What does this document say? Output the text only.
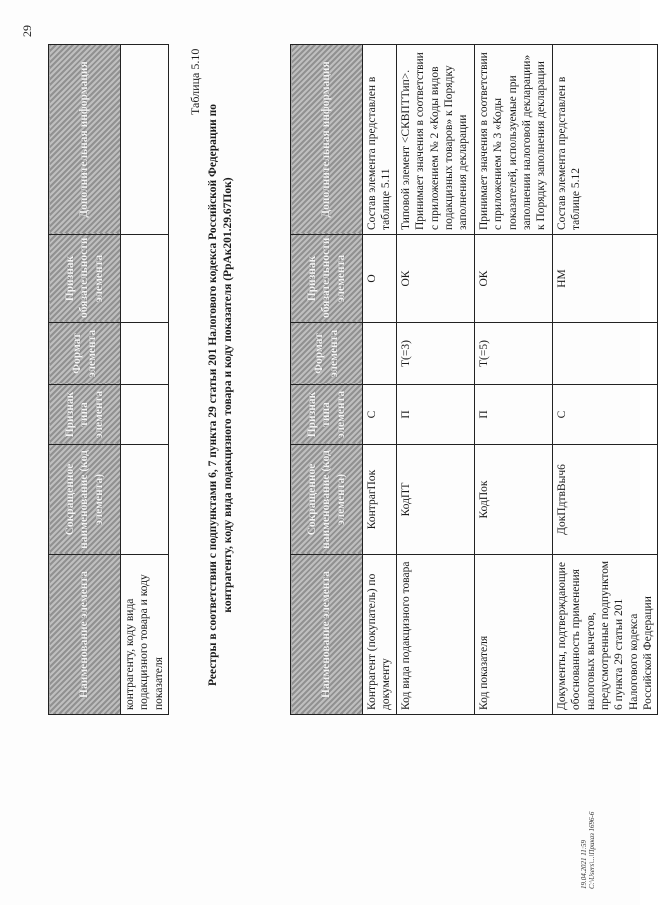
29
Наименование элемента	Сокращенное наименование (код элемента)	Признак типа элемента	Формат элемента	Признак обязательности элемента	Дополнительная информация
контрагенту, коду вида подакцизного товара и коду показателя					
Таблица 5.10
Реестры в соответствии с подпунктами 6, 7 пункта 29 статьи 201 Налогового кодекса Российской Федерации по контрагенту, коду вида подакцизного товара и коду показателя (РрАк201.29.67Пок)
Наименование элемента	Сокращенное наименование (код элемента)	Признак типа элемента	Формат элемента	Признак обязательности элемента	Дополнительная информация
Контрагент (покупатель) по документу	КонтрагПок	С		О	Состав элемента представлен в таблице 5.11
Код вида подакцизного товара	КодПТ	П	T(=3)	ОК	Типовой элемент <СКВПТТип>. Принимает значения в соответствии с приложением № 2 «Коды видов подакцизных товаров» к Порядку заполнения декларации
Код показателя	КодПок	П	T(=5)	ОК	Принимает значения в соответствии с приложением № 3 «Коды показателей, используемые при заполнении налоговой декларации» к Порядку заполнения декларации
Документы, подтверждающие обоснованность применения налоговых вычетов, предусмотренные подпунктом 6 пункта 29 статьи 201 Налогового кодекса Российской Федерации	ДокПдтвВыч6	С		НМ	Состав элемента представлен в таблице 5.12
19.04.2021 11:59 C:\Users\...\Приказ 1696-6
